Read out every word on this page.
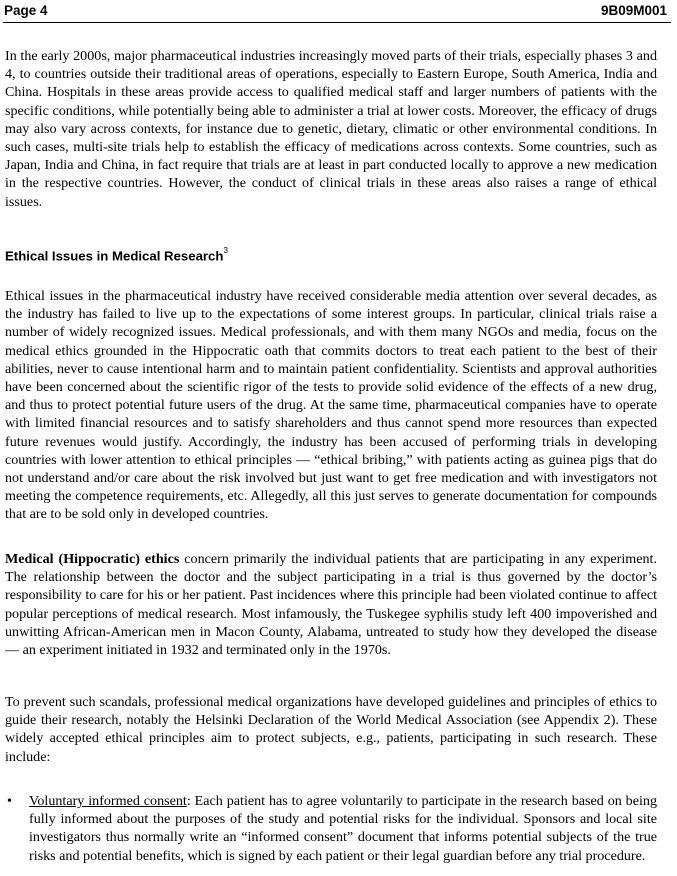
Page 4	9B09M001

In the early 2000s, major pharmaceutical industries increasingly moved parts of their trials, especially phases 3 and 4, to countries outside their traditional areas of operations, especially to Eastern Europe, South America, India and China. Hospitals in these areas provide access to qualified medical staff and larger numbers of patients with the specific conditions, while potentially being able to administer a trial at lower costs. Moreover, the efficacy of drugs may also vary across contexts, for instance due to genetic, dietary, climatic or other environmental conditions. In such cases, multi-site trials help to establish the efficacy of medications across contexts. Some countries, such as Japan, India and China, in fact require that trials are at least in part conducted locally to approve a new medication in the respective countries. However, the conduct of clinical trials in these areas also raises a range of ethical issues.

Ethical Issues in Medical Research$^3$

Ethical issues in the pharmaceutical industry have received considerable media attention over several decades, as the industry has failed to live up to the expectations of some interest groups. In particular, clinical trials raise a number of widely recognized issues. Medical professionals, and with them many NGOs and media, focus on the medical ethics grounded in the Hippocratic oath that commits doctors to treat each patient to the best of their abilities, never to cause intentional harm and to maintain patient confidentiality. Scientists and approval authorities have been concerned about the scientific rigor of the tests to provide solid evidence of the effects of a new drug, and thus to protect potential future users of the drug. At the same time, pharmaceutical companies have to operate with limited financial resources and to satisfy shareholders and thus cannot spend more resources than expected future revenues would justify. Accordingly, the industry has been accused of performing trials in developing countries with lower attention to ethical principles — “ethical bribing,” with patients acting as guinea pigs that do not understand and/or care about the risk involved but just want to get free medication and with investigators not meeting the competence requirements, etc. Allegedly, all this just serves to generate documentation for compounds that are to be sold only in developed countries.

Medical (Hippocratic) ethics concern primarily the individual patients that are participating in any experiment. The relationship between the doctor and the subject participating in a trial is thus governed by the doctor’s responsibility to care for his or her patient. Past incidences where this principle had been violated continue to affect popular perceptions of medical research. Most infamously, the Tuskegee syphilis study left 400 impoverished and unwitting African-American men in Macon County, Alabama, untreated to study how they developed the disease — an experiment initiated in 1932 and terminated only in the 1970s.

To prevent such scandals, professional medical organizations have developed guidelines and principles of ethics to guide their research, notably the Helsinki Declaration of the World Medical Association (see Appendix 2). These widely accepted ethical principles aim to protect subjects, e.g., patients, participating in such research. These include:

• Voluntary informed consent: Each patient has to agree voluntarily to participate in the research based on being fully informed about the purposes of the study and potential risks for the individual. Sponsors and local site investigators thus normally write an “informed consent” document that informs potential subjects of the true risks and potential benefits, which is signed by each patient or their legal guardian before any trial procedure.
